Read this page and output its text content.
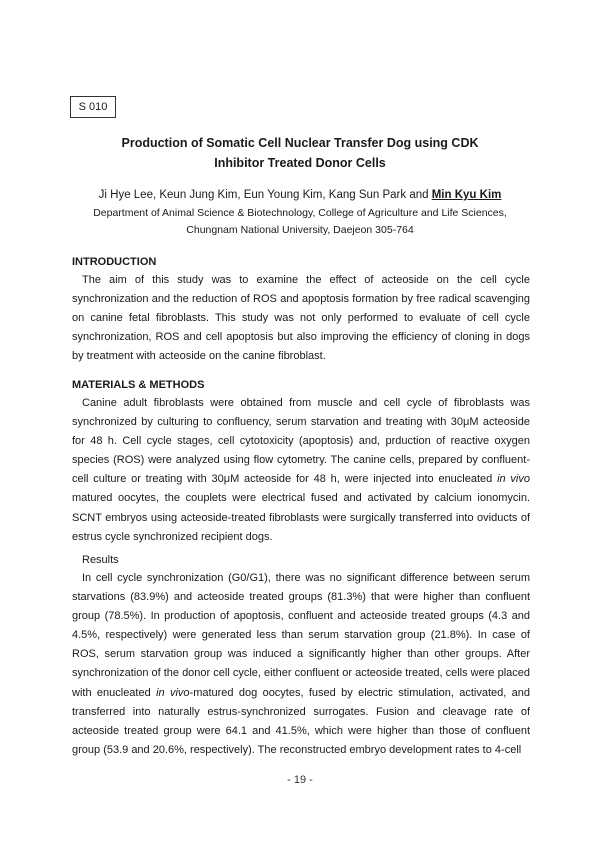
S 010
Production of Somatic Cell Nuclear Transfer Dog using CDK
Inhibitor Treated Donor Cells
Ji Hye Lee, Keun Jung Kim, Eun Young Kim, Kang Sun Park and Min Kyu Kim
Department of Animal Science & Biotechnology, College of Agriculture and Life Sciences,
Chungnam National University, Daejeon 305-764
INTRODUCTION

The aim of this study was to examine the effect of acteoside on the cell cycle synchronization and the reduction of ROS and apoptosis formation by free radical scavenging on canine fetal fibroblasts. This study was not only performed to evaluate of cell cycle synchronization, ROS and cell apoptosis but also improving the efficiency of cloning in dogs by treatment with acteoside on the canine fibroblast.

MATERIALS & METHODS

Canine adult fibroblasts were obtained from muscle and cell cycle of fibroblasts was synchronized by culturing to confluency, serum starvation and treating with 30μM acteoside for 48 h. Cell cycle stages, cell cytotoxicity (apoptosis) and, prduction of reactive oxygen species (ROS) were analyzed using flow cytometry. The canine cells, prepared by confluent-cell culture or treating with 30μM acteoside for 48 h, were injected into enucleated in vivo matured oocytes, the couplets were electrical fused and activated by calcium ionomycin. SCNT embryos using acteoside-treated fibroblasts were surgically transferred into oviducts of estrus cycle synchronized recipient dogs.

Results

In cell cycle synchronization (G0/G1), there was no significant difference between serum starvations (83.9%) and acteoside treated groups (81.3%) that were higher than confluent group (78.5%). In production of apoptosis, confluent and acteoside treated groups (4.3 and 4.5%, respectively) were generated less than serum starvation group (21.8%). In case of ROS, serum starvation group was induced a significantly higher than other groups. After synchronization of the donor cell cycle, either confluent or acteoside treated, cells were placed with enucleated in vivo-matured dog oocytes, fused by electric stimulation, activated, and transferred into naturally estrus-synchronized surrogates. Fusion and cleavage rate of acteoside treated group were 64.1 and 41.5%, which were higher than those of confluent group (53.9 and 20.6%, respectively). The reconstructed embryo development rates to 4-cell

- 19 -
